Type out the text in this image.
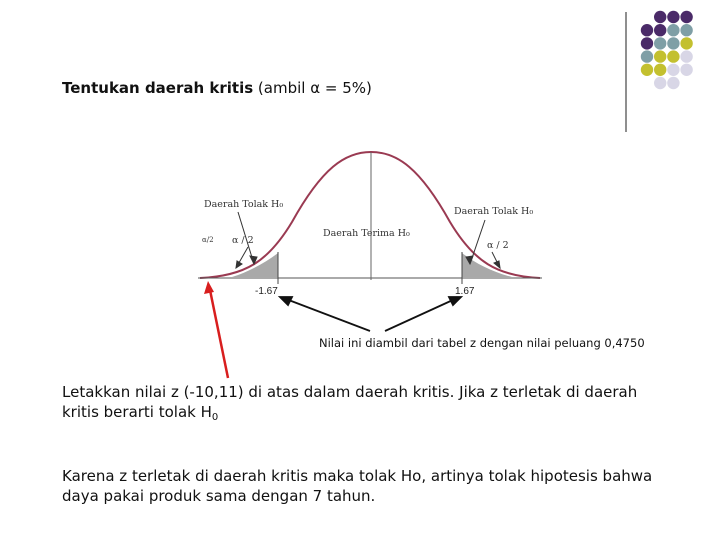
Tentukan daerah kritis (ambil α = 5%)
Daerah Tolak H₀
Daerah Tolak H₀
Daerah Terima H₀
α/2 α / 2	α / 2
-1.67	1.67
Nilai ini diambil dari tabel z dengan nilai peluang 0,4750
Letakkan nilai z (-10,11) di atas dalam daerah kritis. Jika z terletak di daerah kritis berarti tolak $H_0$
Karena z terletak di daerah kritis maka tolak Ho, artinya tolak hipotesis bahwa daya pakai produk sama dengan 7 tahun.
